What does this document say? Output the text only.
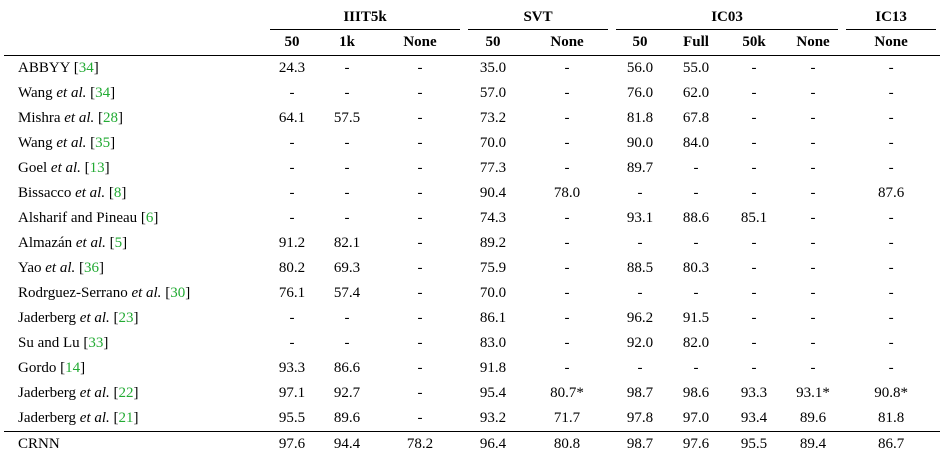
	IIIT5k			SVT		IC03				IC13

	50	1k	None	50	None	50	Full	50k	None	None
ABBYY [34]	24.3	-	-	35.0	-	56.0	55.0	-	-	-
Wang et al. [34]	-	-	-	57.0	-	76.0	62.0	-	-	-
Mishra et al. [28]	64.1	57.5	-	73.2	-	81.8	67.8	-	-	-
Wang et al. [35]	-	-	-	70.0	-	90.0	84.0	-	-	-
Goel et al. [13]	-	-	-	77.3	-	89.7	-	-	-	-
Bissacco et al. [8]	-	-	-	90.4	78.0	-	-	-	-	87.6
Alsharif and Pineau [6]	-	-	-	74.3	-	93.1	88.6	85.1	-	-
Almazán et al. [5]	91.2	82.1	-	89.2	-	-	-	-	-	-
Yao et al. [36]	80.2	69.3	-	75.9	-	88.5	80.3	-	-	-
Rodrguez-Serrano et al. [30]	76.1	57.4	-	70.0	-	-	-	-	-	-
Jaderberg et al. [23]	-	-	-	86.1	-	96.2	91.5	-	-	-
Su and Lu [33]	-	-	-	83.0	-	92.0	82.0	-	-	-
Gordo [14]	93.3	86.6	-	91.8	-	-	-	-	-	-
Jaderberg et al. [22]	97.1	92.7	-	95.4	80.7*	98.7	98.6	93.3	93.1*	90.8*
Jaderberg et al. [21]	95.5	89.6	-	93.2	71.7	97.8	97.0	93.4	89.6	81.8
CRNN	97.6	94.4	78.2	96.4	80.8	98.7	97.6	95.5	89.4	86.7
